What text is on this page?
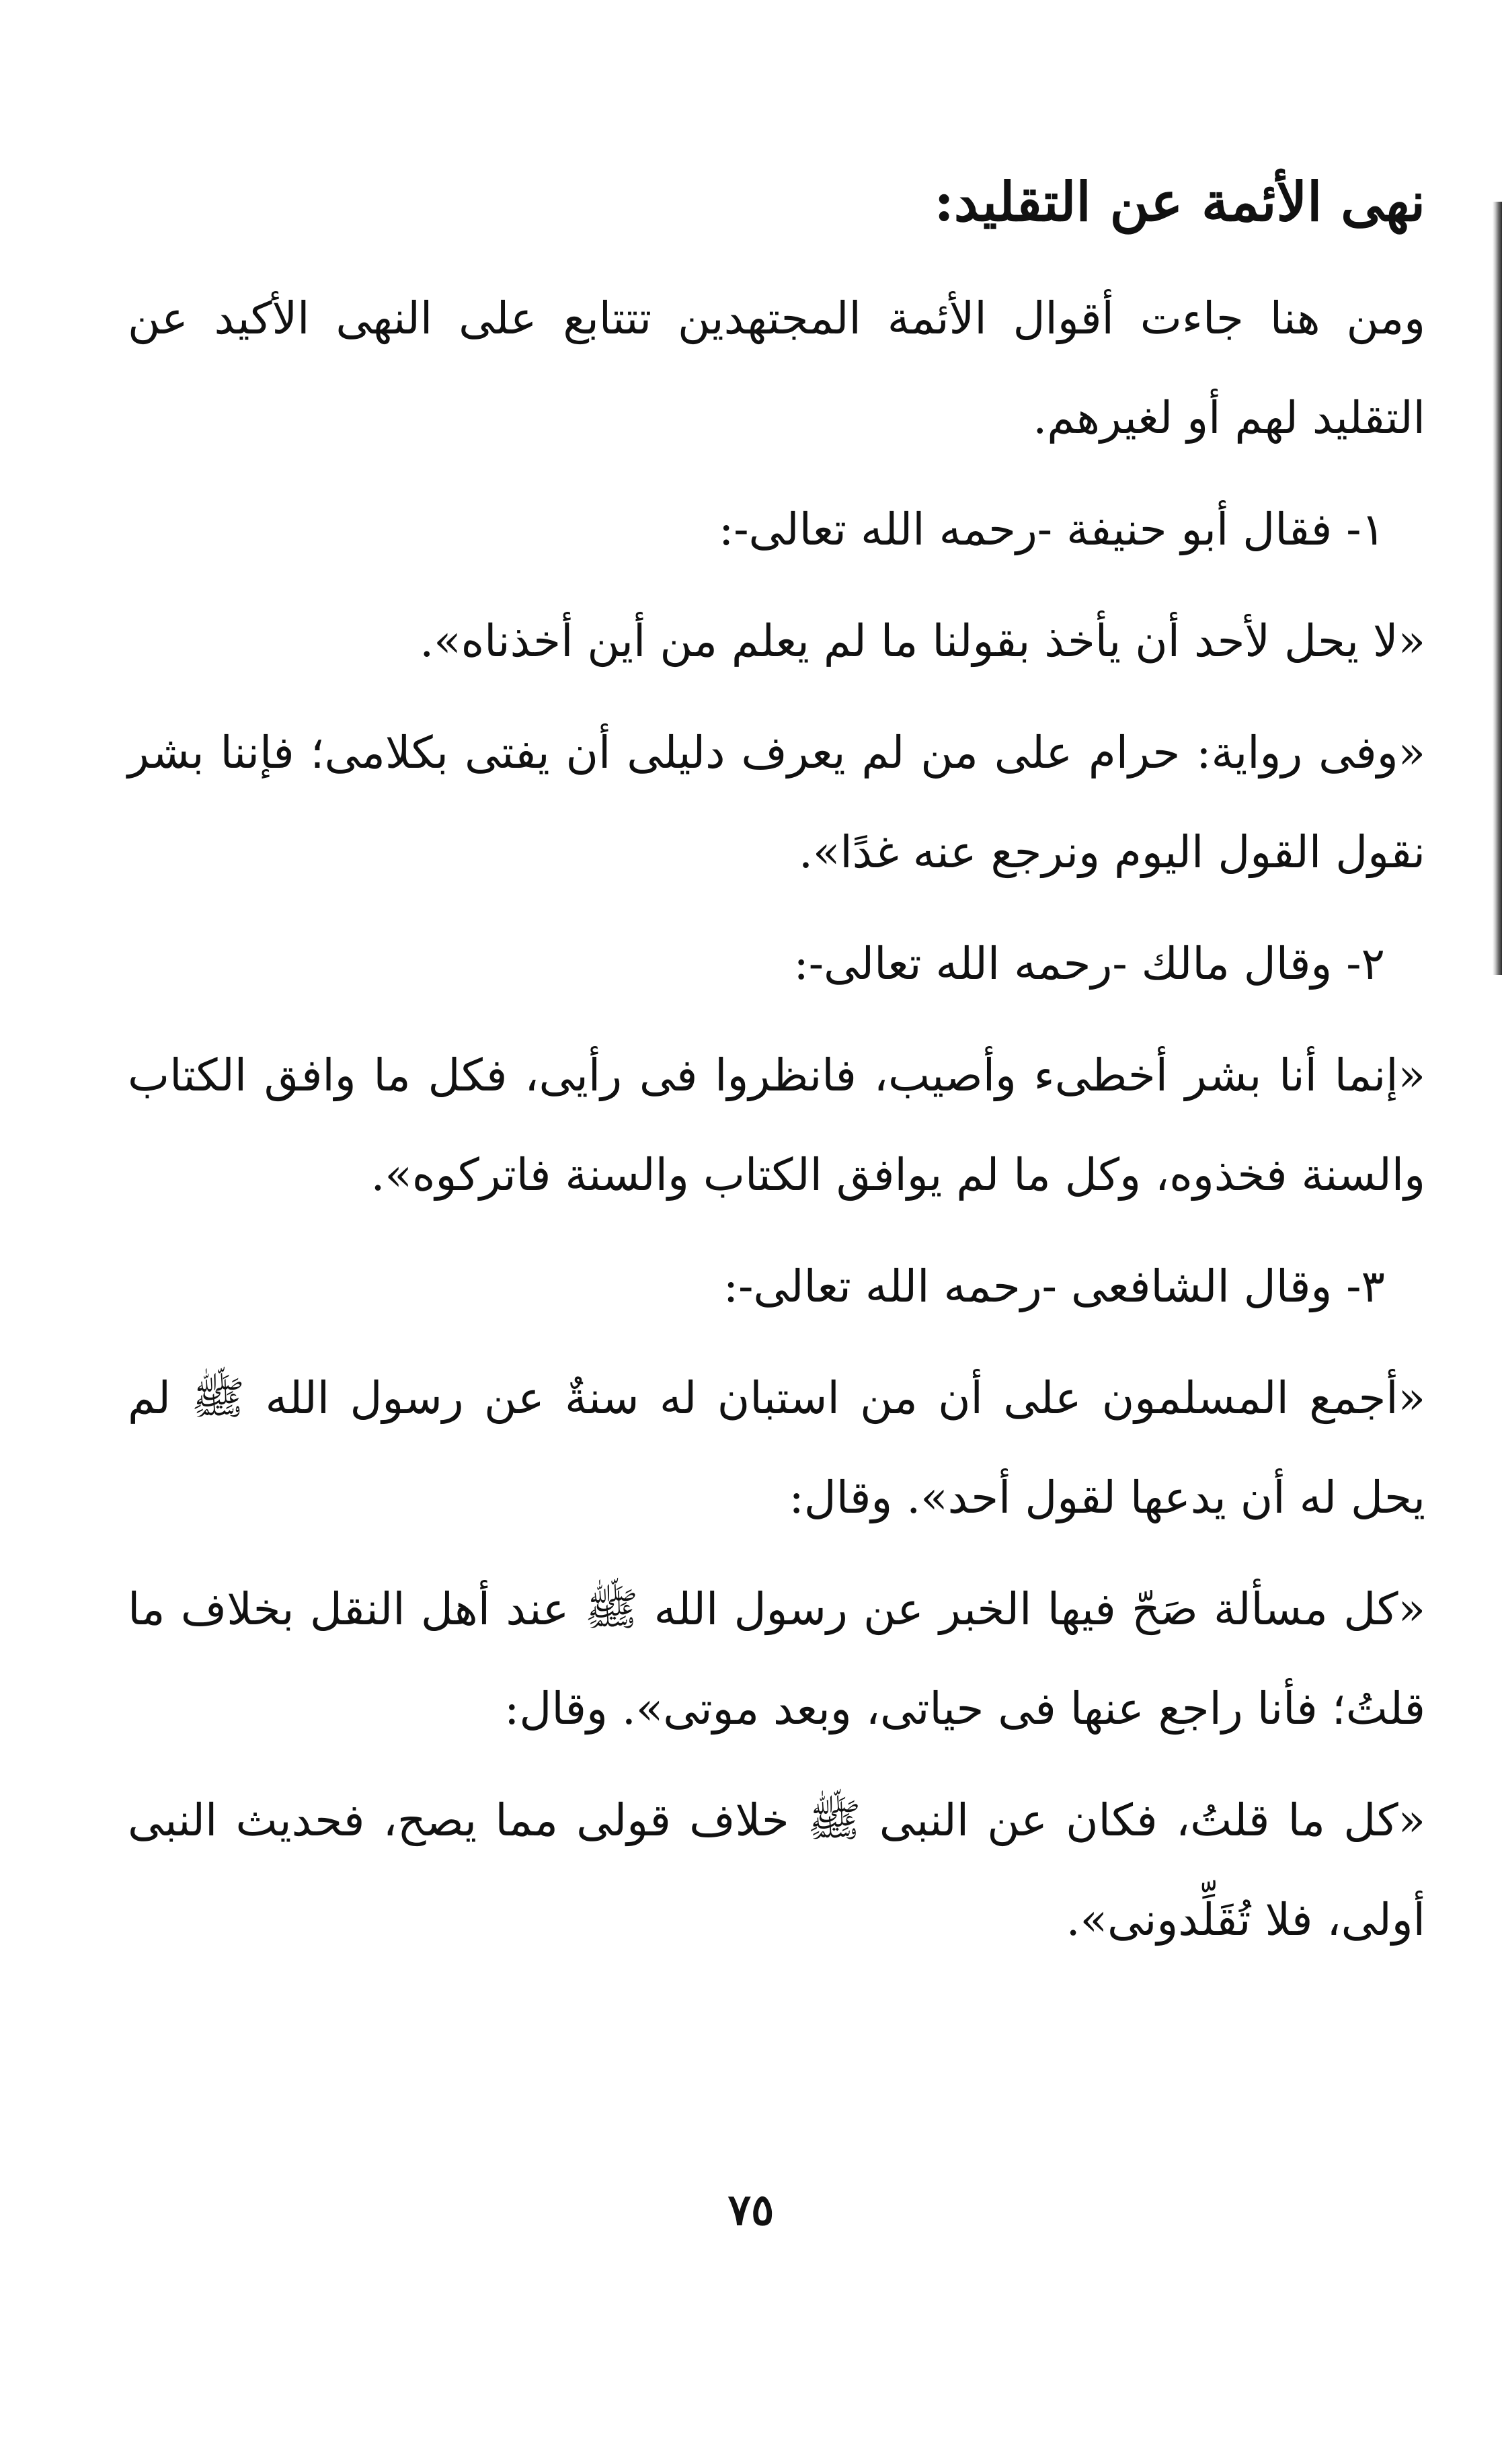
نهى الأئمة عن التقليد:
ومن هنا جاءت أقوال الأئمة المجتهدين تتتابع على النهى الأكيد عن التقليد لهم أو لغيرهم.
١- فقال أبو حنيفة -رحمه الله تعالى-:
«لا يحل لأحد أن يأخذ بقولنا ما لم يعلم من أين أخذناه».
«وفى رواية: حرام على من لم يعرف دليلى أن يفتى بكلامى؛ فإننا بشر نقول القول اليوم ونرجع عنه غدًا».
٢- وقال مالك -رحمه الله تعالى-:
«إنما أنا بشر أخطىء وأصيب، فانظروا فى رأيى، فكل ما وافق الكتاب والسنة فخذوه، وكل ما لم يوافق الكتاب والسنة فاتركوه».
٣- وقال الشافعى -رحمه الله تعالى-:
«أجمع المسلمون على أن من استبان له سنةٌ عن رسول الله ﷺ لم يحل له أن يدعها لقول أحد». وقال:
«كل مسألة صَحّ فيها الخبر عن رسول الله ﷺ عند أهل النقل بخلاف ما قلتُ؛ فأنا راجع عنها فى حياتى، وبعد موتى». وقال:
«كل ما قلتُ، فكان عن النبى ﷺ خلاف قولى مما يصح، فحديث النبى أولى، فلا تُقَلِّدونى».
٧٥
